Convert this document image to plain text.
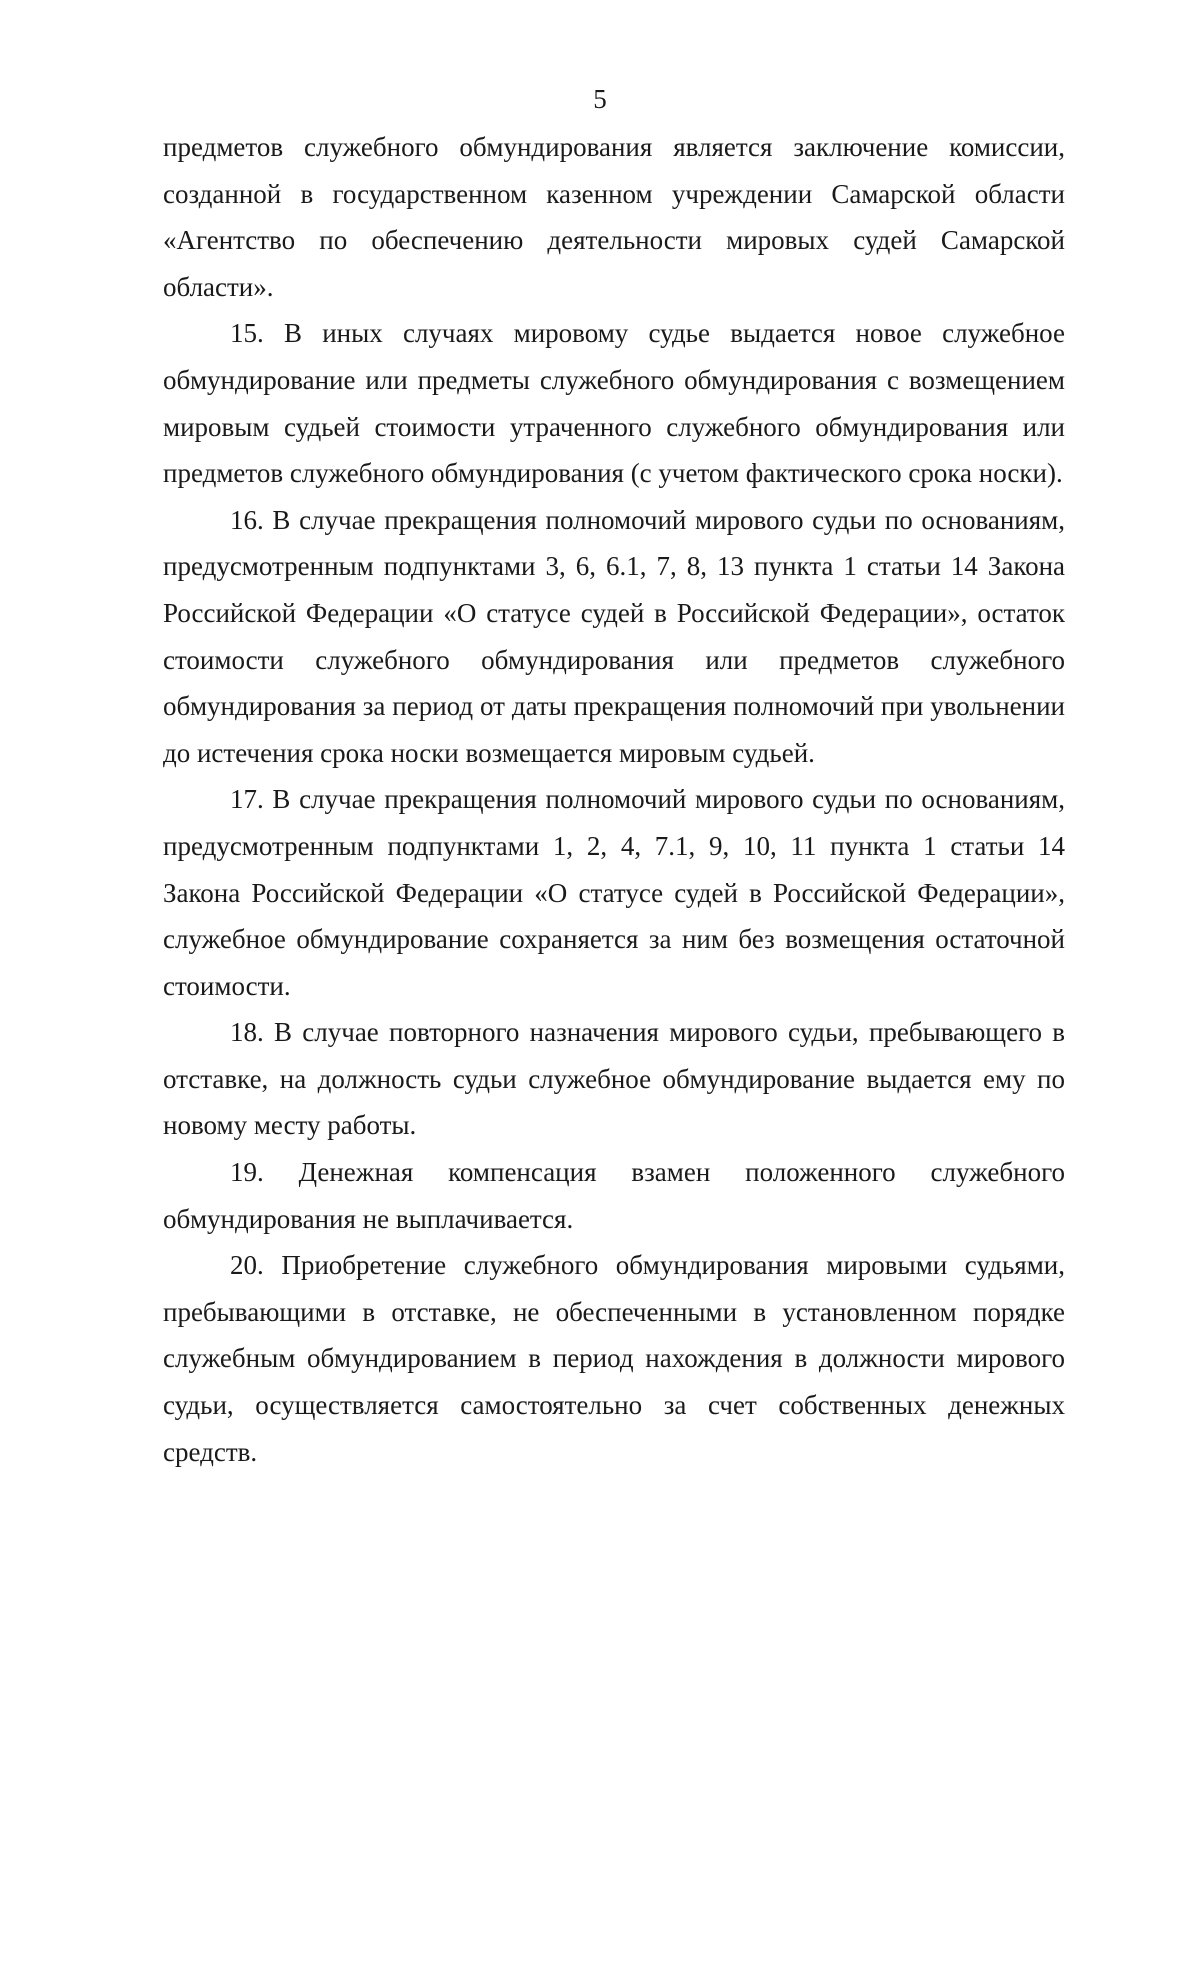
5

предметов служебного обмундирования является заключение комиссии, созданной в государственном казенном учреждении Самарской области «Агентство по обеспечению деятельности мировых судей Самарской области».

15. В иных случаях мировому судье выдается новое служебное обмундирование или предметы служебного обмундирования с возмещением мировым судьей стоимости утраченного служебного обмундирования или предметов служебного обмундирования (с учетом фактического срока носки).

16. В случае прекращения полномочий мирового судьи по основаниям, предусмотренным подпунктами 3, 6, 6.1, 7, 8, 13 пункта 1 статьи 14 Закона Российской Федерации «О статусе судей в Российской Федерации», остаток стоимости служебного обмундирования или предметов служебного обмундирования за период от даты прекращения полномочий при увольнении до истечения срока носки возмещается мировым судьей.

17. В случае прекращения полномочий мирового судьи по основаниям, предусмотренным подпунктами 1, 2, 4, 7.1, 9, 10, 11 пункта 1 статьи 14 Закона Российской Федерации «О статусе судей в Российской Федерации», служебное обмундирование сохраняется за ним без возмещения остаточной стоимости.

18. В случае повторного назначения мирового судьи, пребывающего в отставке, на должность судьи служебное обмундирование выдается ему по новому месту работы.

19. Денежная компенсация взамен положенного служебного обмундирования не выплачивается.

20. Приобретение служебного обмундирования мировыми судьями, пребывающими в отставке, не обеспеченными в установленном порядке служебным обмундированием в период нахождения в должности мирового судьи, осуществляется самостоятельно за счет собственных денежных средств.
